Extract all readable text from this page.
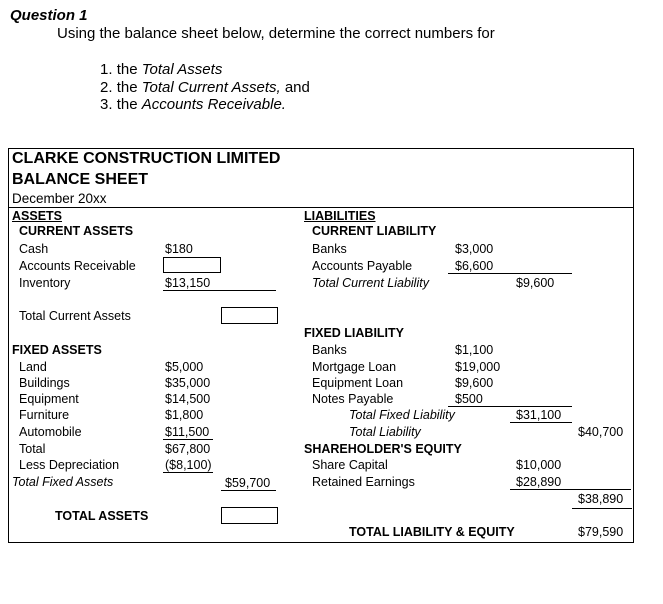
Question 1
Using the balance sheet below, determine the correct numbers for
1. the Total Assets
2. the Total Current Assets, and
3. the Accounts Receivable.
CLARKE CONSTRUCTION LIMITED
BALANCE SHEET
December 20xx
ASSETS
CURRENT ASSETS
Cash	$180
Accounts Receivable
Inventory	$13,150
Total Current Assets
FIXED ASSETS
Land	$5,000
Buildings	$35,000
Equipment	$14,500
Furniture	$1,800
Automobile	$11,500
Total	$67,800
Less Depreciation	($8,100)
Total Fixed Assets	$59,700
TOTAL ASSETS
LIABILITIES
CURRENT LIABILITY
Banks	$3,000
Accounts Payable	$6,600
Total Current Liability	$9,600
FIXED LIABILITY
Banks	$1,100
Mortgage Loan	$19,000
Equipment Loan	$9,600
Notes Payable	$500
Total Fixed Liability	$31,100
Total Liability	$40,700
SHAREHOLDER'S EQUITY
Share Capital	$10,000
Retained Earnings	$28,890
$38,890
TOTAL LIABILITY & EQUITY	$79,590
